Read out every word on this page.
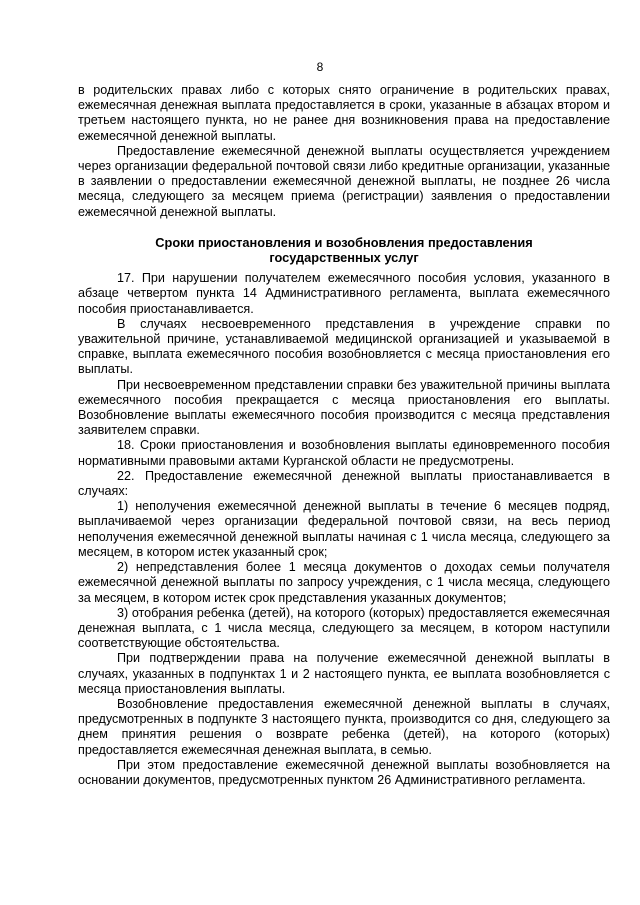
8

в родительских правах либо с которых снято ограничение в родительских правах, ежемесячная денежная выплата предоставляется в сроки, указанные в абзацах втором и третьем настоящего пункта, но не ранее дня возникновения права на предоставление ежемесячной денежной выплаты.

Предоставление ежемесячной денежной выплаты осуществляется учреждением через организации федеральной почтовой связи либо кредитные организации, указанные в заявлении о предоставлении ежемесячной денежной выплаты, не позднее 26 числа месяца, следующего за месяцем приема (регистрации) заявления о предоставлении ежемесячной денежной выплаты.

Сроки приостановления и возобновления предоставления
государственных услуг

17. При нарушении получателем ежемесячного пособия условия, указанного в абзаце четвертом пункта 14 Административного регламента, выплата ежемесячного пособия приостанавливается.

В случаях несвоевременного представления в учреждение справки по уважительной причине, устанавливаемой медицинской организацией и указываемой в справке, выплата ежемесячного пособия возобновляется с месяца приостановления его выплаты.

При несвоевременном представлении справки без уважительной причины выплата ежемесячного пособия прекращается с месяца приостановления его выплаты. Возобновление выплаты ежемесячного пособия производится с месяца представления заявителем справки.

18. Сроки приостановления и возобновления выплаты единовременного пособия нормативными правовыми актами Курганской области не предусмотрены.

22. Предоставление ежемесячной денежной выплаты приостанавливается в случаях:

1) неполучения ежемесячной денежной выплаты в течение 6 месяцев подряд, выплачиваемой через организации федеральной почтовой связи, на весь период неполучения ежемесячной денежной выплаты начиная с 1 числа месяца, следующего за месяцем, в котором истек указанный срок;

2) непредставления более 1 месяца документов о доходах семьи получателя ежемесячной денежной выплаты по запросу учреждения, с 1 числа месяца, следующего за месяцем, в котором истек срок представления указанных документов;

3) отобрания ребенка (детей), на которого (которых) предоставляется ежемесячная денежная выплата, с 1 числа месяца, следующего за месяцем, в котором наступили соответствующие обстоятельства.

При подтверждении права на получение ежемесячной денежной выплаты в случаях, указанных в подпунктах 1 и 2 настоящего пункта, ее выплата возобновляется с месяца приостановления выплаты.

Возобновление предоставления ежемесячной денежной выплаты в случаях, предусмотренных в подпункте 3 настоящего пункта, производится со дня, следующего за днем принятия решения о возврате ребенка (детей), на которого (которых) предоставляется ежемесячная денежная выплата, в семью.

При этом предоставление ежемесячной денежной выплаты возобновляется на основании документов, предусмотренных пунктом 26 Административного регламента.
